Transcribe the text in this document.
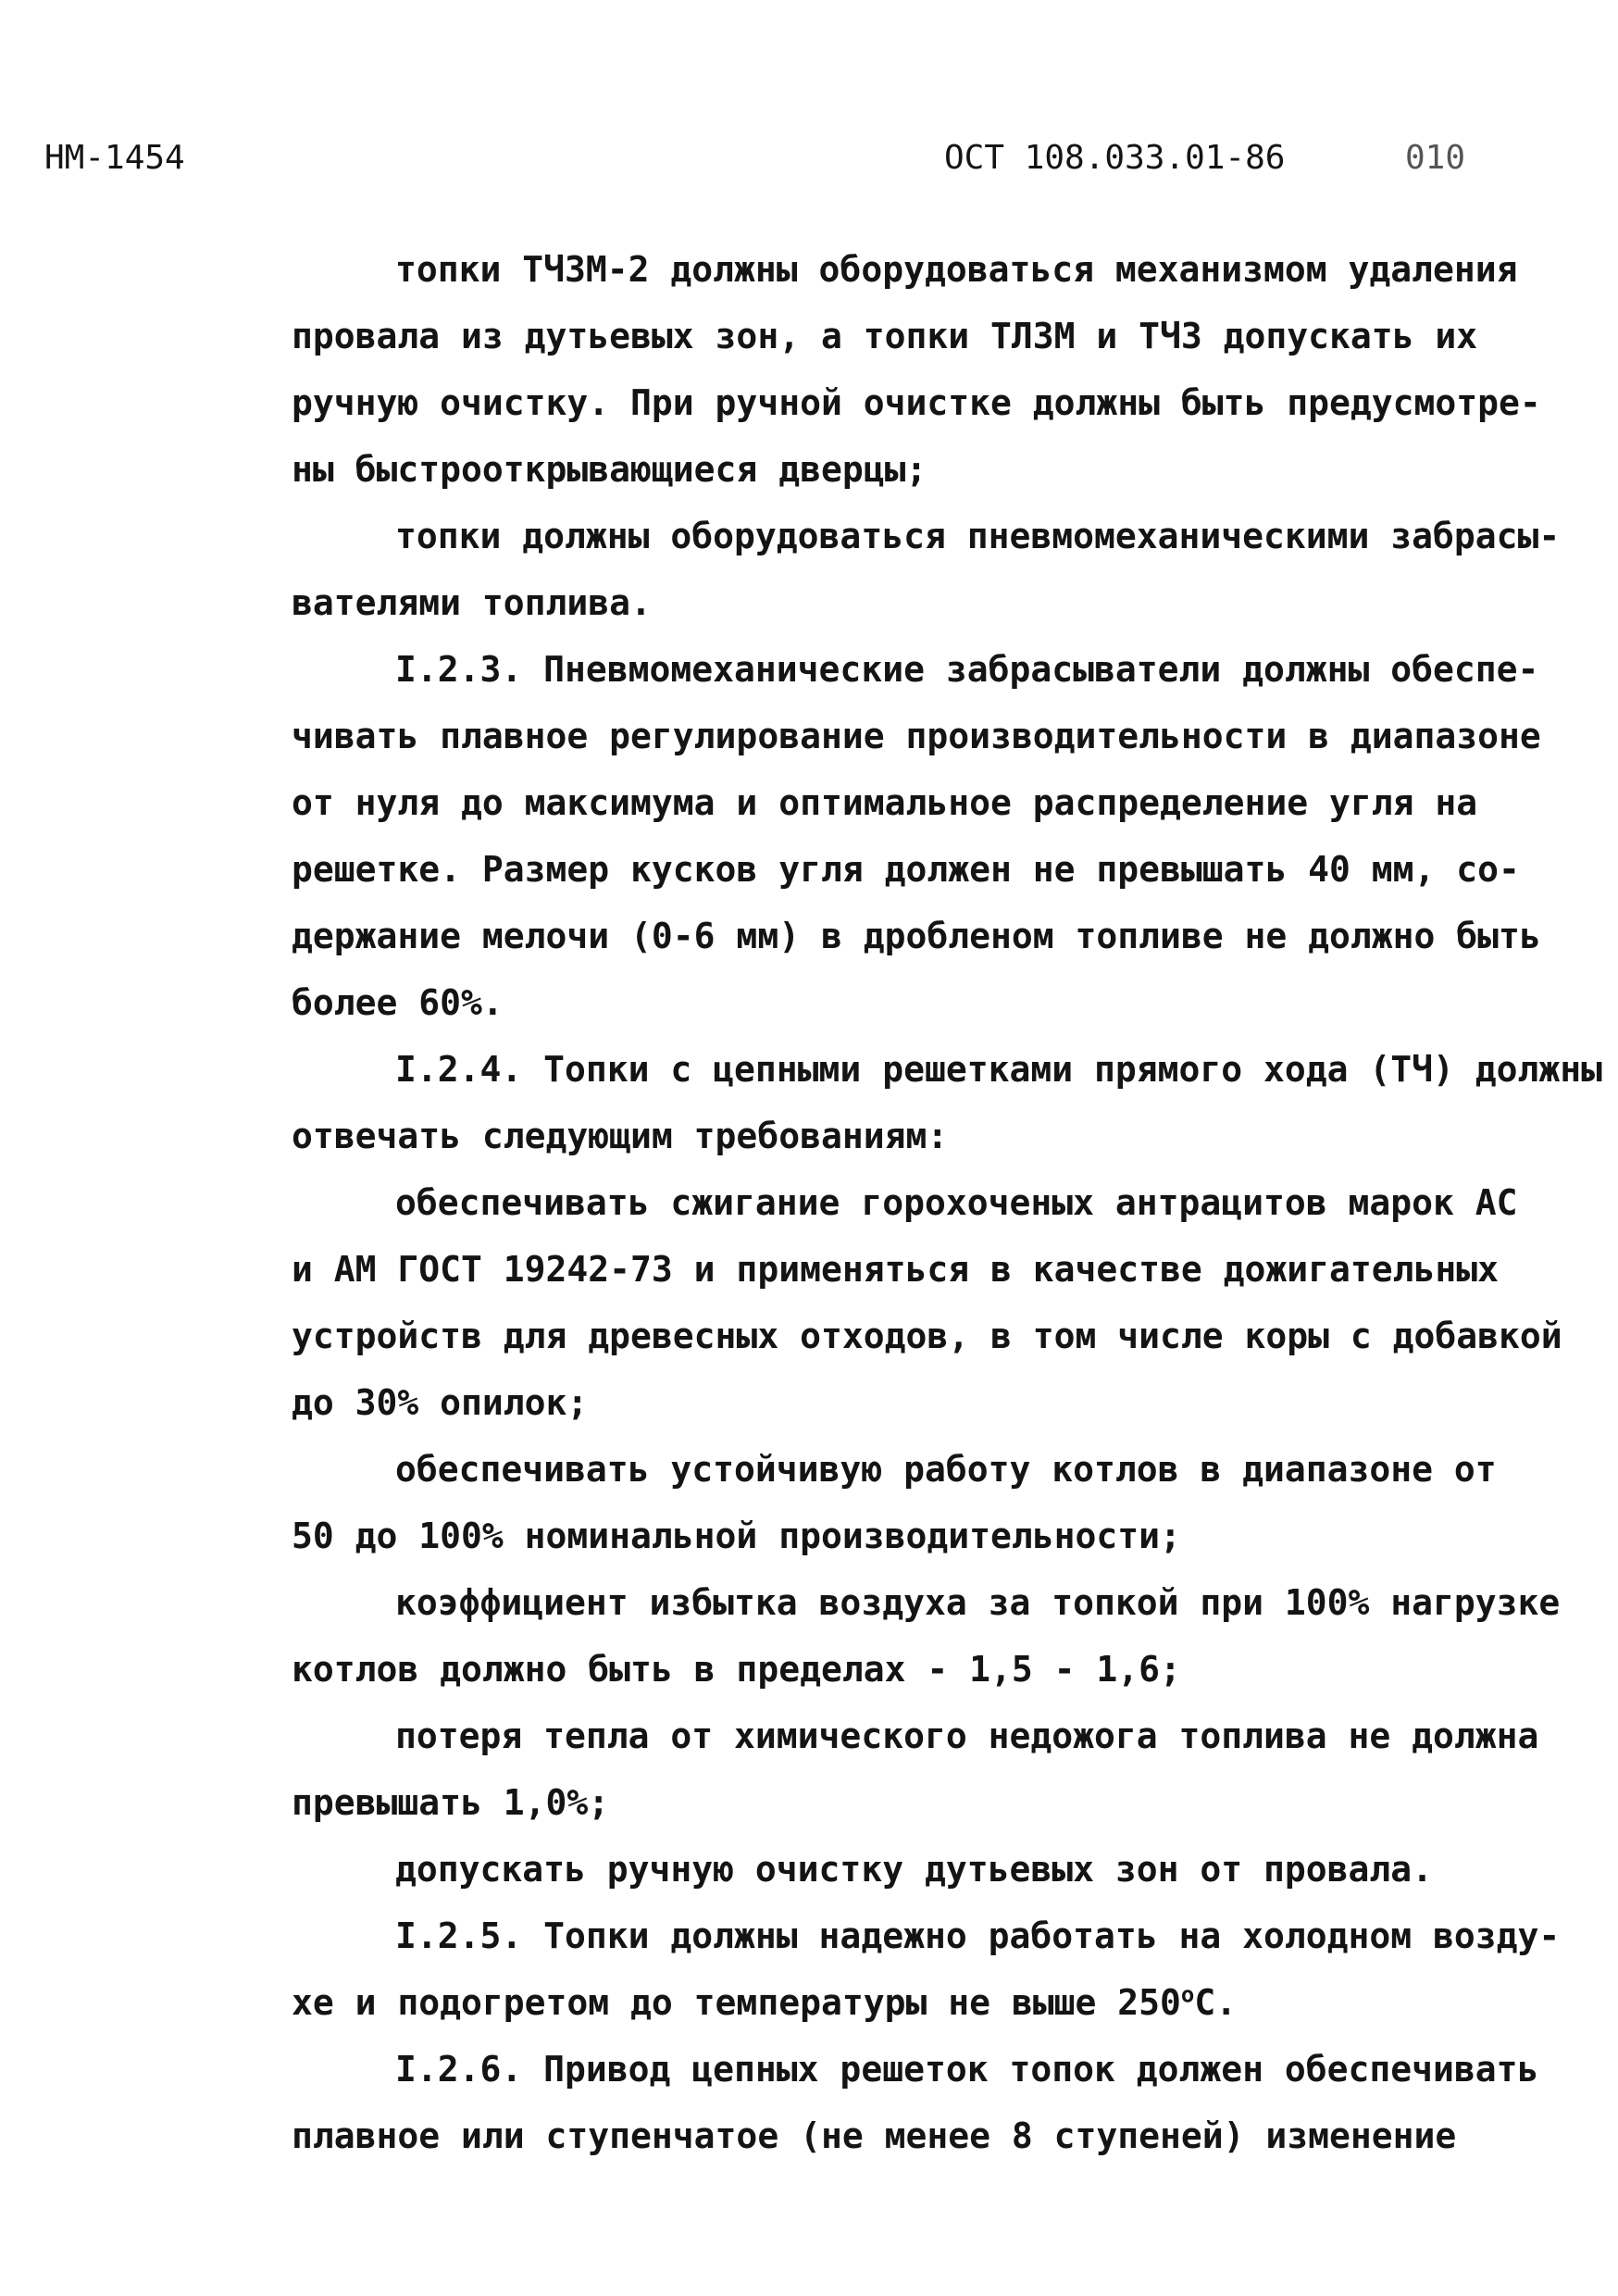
НМ-1454	ОСТ 108.033.01-86	010
топки ТЧЗМ-2 должны оборудоваться механизмом удаления
провала из дутьевых зон, а топки ТЛЗМ и ТЧЗ допускать их
ручную очистку. При ручной очистке должны быть предусмотре-
ны быстрооткрывающиеся дверцы;
топки должны оборудоваться пневмомеханическими забрасы-
вателями топлива.
I.2.3. Пневмомеханические забрасыватели должны обеспе-
чивать плавное регулирование производительности в диапазоне
от нуля до максимума и оптимальное распределение угля на
решетке. Размер кусков угля должен не превышать 40 мм, со-
держание мелочи (0-6 мм) в дробленом топливе не должно быть
более 60%.
I.2.4. Топки с цепными решетками прямого хода (ТЧ) должны
отвечать следующим требованиям:
обеспечивать сжигание горохоченых антрацитов марок АС
и АМ ГОСТ 19242-73 и применяться в качестве дожигательных
устройств для древесных отходов, в том числе коры с добавкой
до 30% опилок;
обеспечивать устойчивую работу котлов в диапазоне от
50 до 100% номинальной производительности;
коэффициент избытка воздуха за топкой при 100% нагрузке
котлов должно быть в пределах - 1,5 - 1,6;
потеря тепла от химического недожога топлива не должна
превышать 1,0%;
допускать ручную очистку дутьевых зон от провала.
I.2.5. Топки должны надежно работать на холодном возду-
хе и подогретом до температуры не выше 250$^o$C.
I.2.6. Привод цепных решеток топок должен обеспечивать
плавное или ступенчатое (не менее 8 ступеней) изменение
